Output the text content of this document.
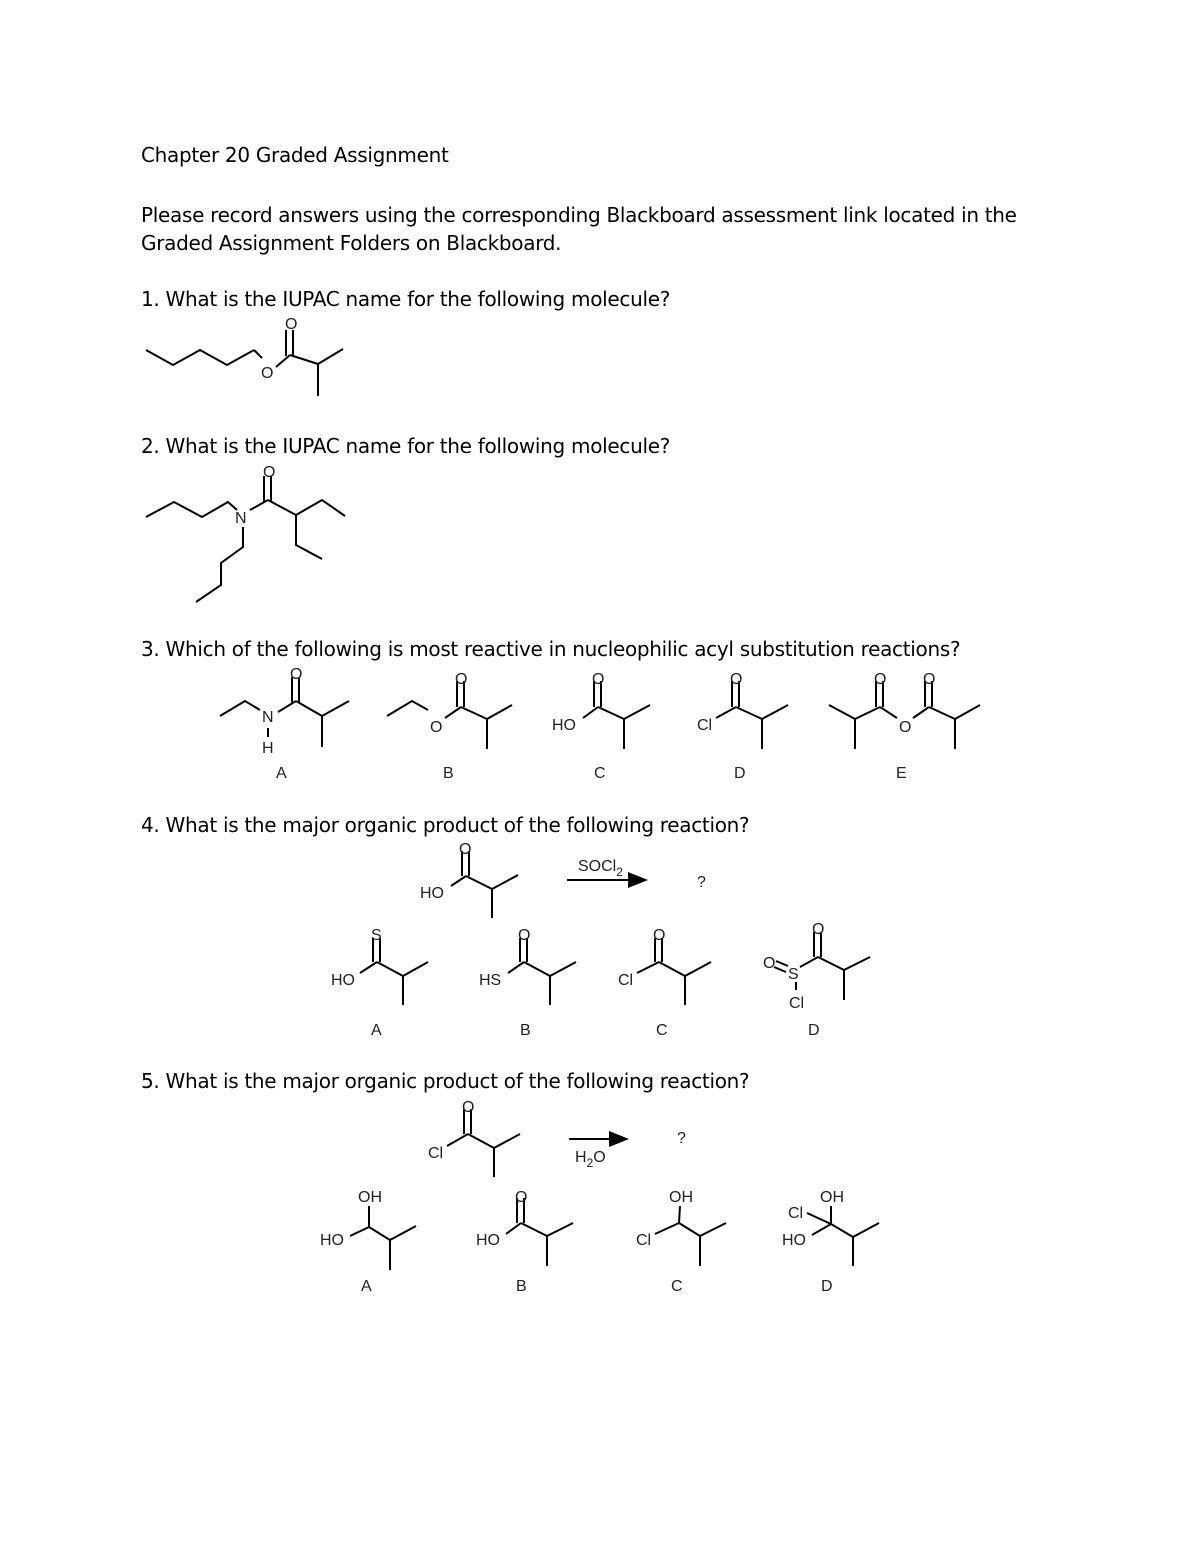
Chapter 20 Graded Assignment
Please record answers using the corresponding Blackboard assessment link located in the
Graded Assignment Folders on Blackboard.
1. What is the IUPAC name for the following molecule?
2. What is the IUPAC name for the following molecule?
3. Which of the following is most reactive in nucleophilic acyl substitution reactions?
4. What is the major organic product of the following reaction?
5. What is the major organic product of the following reaction?
O
O
N
O
N
H
O
A
O
O
B
HO
O
C
Cl
O
D
O
O
O
E
HO
O
SOCl$_2$
?
HO
S
A
HS
O
B
Cl
O
C
O
S
Cl
O
D
Cl
O
$H_2O$
?
OH
HO
A
HO
O
B
Cl
OH
C
OH
Cl
HO
D
